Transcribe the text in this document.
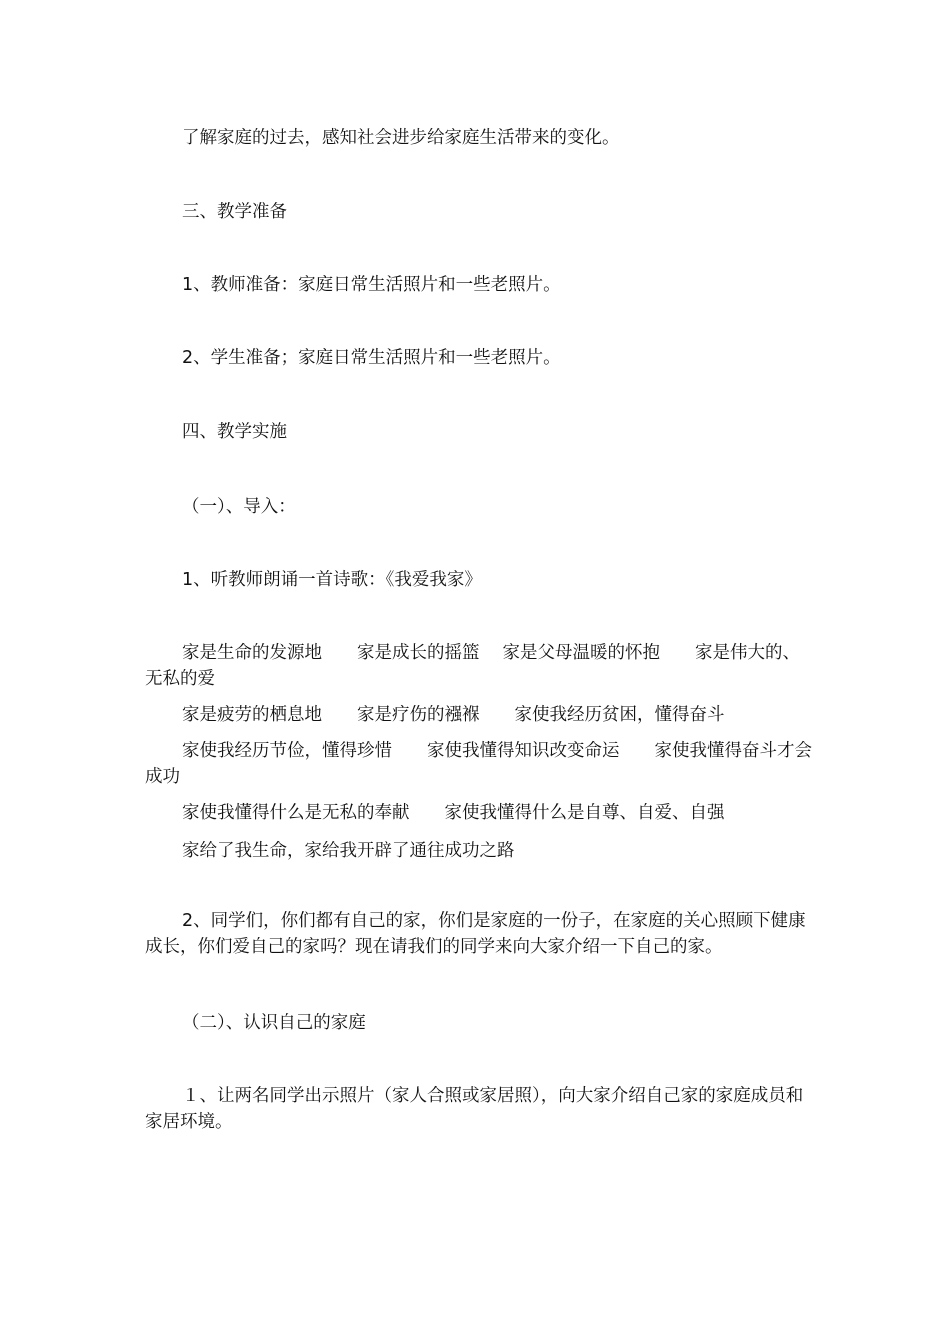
了解家庭的过去，感知社会进步给家庭生活带来的变化。
三、教学准备
1、教师准备：家庭日常生活照片和一些老照片。
2、学生准备；家庭日常生活照片和一些老照片。
四、教学实施
（一）、导入：
1、听教师朗诵一首诗歌：《我爱我家》
家是生命的发源地　　家是成长的摇篮　 家是父母温暖的怀抱　　家是伟大的、无私的爱
家是疲劳的栖息地　　家是疗伤的襁褓　　家使我经历贫困，懂得奋斗
家使我经历节俭，懂得珍惜　　家使我懂得知识改变命运　　家使我懂得奋斗才会成功
家使我懂得什么是无私的奉献　　家使我懂得什么是自尊、自爱、自强
家给了我生命，家给我开辟了通往成功之路
2、同学们，你们都有自己的家，你们是家庭的一份子，在家庭的关心照顾下健康成长，你们爱自己的家吗？现在请我们的同学来向大家介绍一下自己的家。
（二）、认识自己的家庭
１、让两名同学出示照片（家人合照或家居照），向大家介绍自己家的家庭成员和家居环境。
